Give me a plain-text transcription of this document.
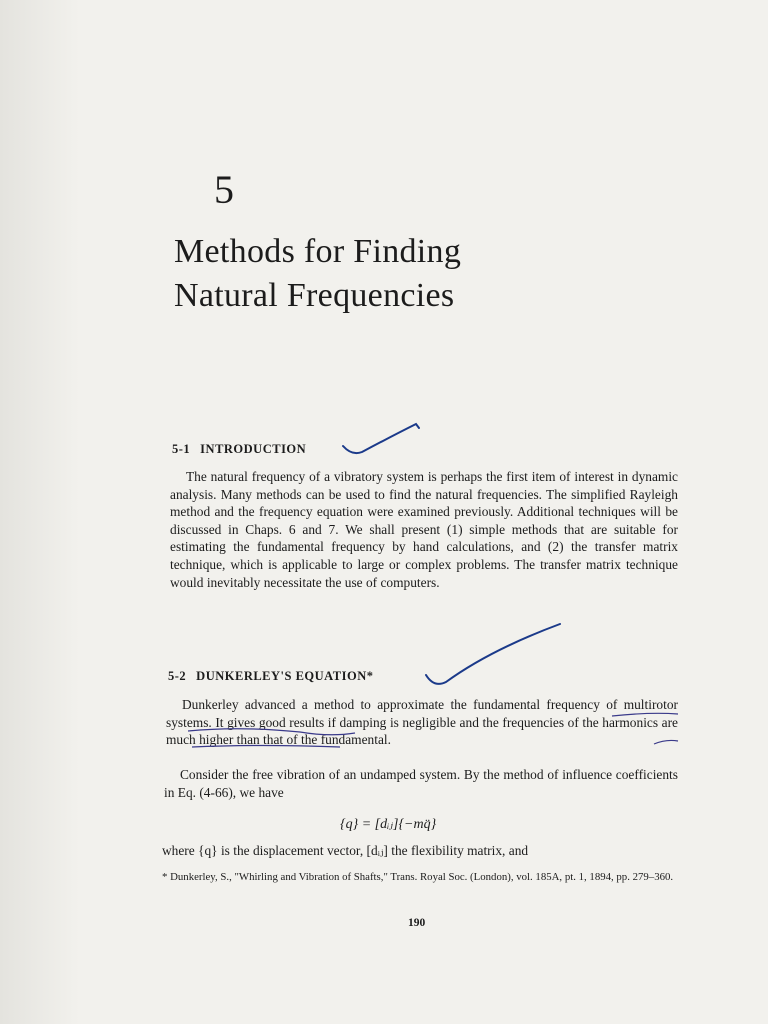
5
Methods for Finding
Natural Frequencies
5-1 INTRODUCTION

The natural frequency of a vibratory system is perhaps the first item of interest in dynamic analysis. Many methods can be used to find the natural frequencies. The simplified Rayleigh method and the frequency equation were examined previously. Additional techniques will be discussed in Chaps. 6 and 7. We shall present (1) simple methods that are suitable for estimating the fundamental frequency by hand calculations, and (2) the transfer matrix technique, which is applicable to large or complex problems. The transfer matrix technique would inevitably necessitate the use of computers.

5-2 DUNKERLEY'S EQUATION*

Dunkerley advanced a method to approximate the fundamental frequency of multirotor systems. It gives good results if damping is negligible and the frequencies of the harmonics are much higher than that of the fundamental.

Consider the free vibration of an undamped system. By the method of influence coefficients in Eq. (4-66), we have

{q} = [dᵢⱼ]{−mq̈}

where {q} is the displacement vector, [dᵢⱼ] the flexibility matrix, and

* Dunkerley, S., "Whirling and Vibration of Shafts," Trans. Royal Soc. (London), vol. 185A, pt. 1, 1894, pp. 279–360.

190
